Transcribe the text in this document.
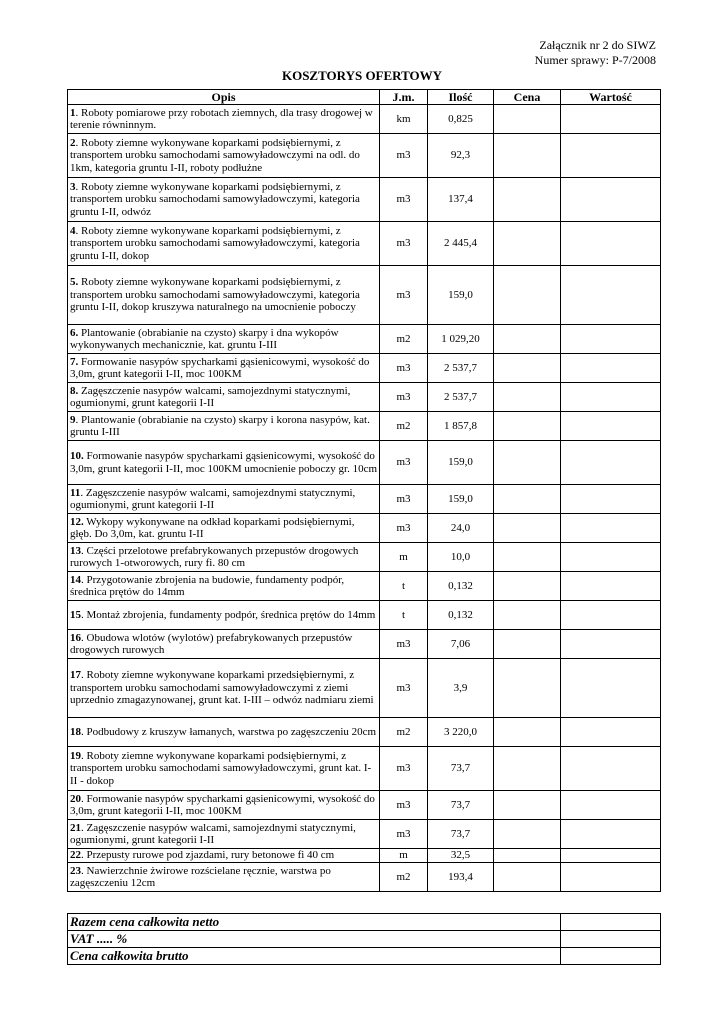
Załącznik nr 2 do SIWZ
Numer sprawy: P-7/2008
KOSZTORYS OFERTOWY
Opis	J.m.	Ilość	Cena	Wartość
1. Roboty pomiarowe przy robotach ziemnych, dla trasy drogowej w terenie równinnym.	km	0,825		
2. Roboty ziemne wykonywane koparkami podsiębiernymi, z transportem urobku samochodami samowyładowczymi na odl. do 1km, kategoria gruntu I-II, roboty podłużne	m3	92,3		
3. Roboty ziemne wykonywane koparkami podsiębiernymi, z transportem urobku samochodami samowyładowczymi, kategoria gruntu I-II, odwóz	m3	137,4		
4. Roboty ziemne wykonywane koparkami podsiębiernymi, z transportem urobku samochodami samowyładowczymi, kategoria gruntu I-II, dokop	m3	2 445,4		
5. Roboty ziemne wykonywane koparkami podsiębiernymi, z transportem urobku samochodami samowyładowczymi, kategoria gruntu I-II, dokop kruszywa naturalnego na umocnienie poboczy	m3	159,0		
6. Plantowanie (obrabianie na czysto) skarpy i dna wykopów wykonywanych mechanicznie, kat. gruntu I-III	m2	1 029,20		
7. Formowanie nasypów spycharkami gąsienicowymi, wysokość do 3,0m, grunt kategorii I-II, moc 100KM	m3	2 537,7		
8. Zagęszczenie nasypów walcami, samojezdnymi statycznymi, ogumionymi, grunt kategorii I-II	m3	2 537,7		
9. Plantowanie (obrabianie na czysto) skarpy i korona nasypów, kat. gruntu I-III	m2	1 857,8		
10. Formowanie nasypów spycharkami gąsienicowymi, wysokość do 3,0m, grunt kategorii I-II, moc 100KM umocnienie poboczy gr. 10cm	m3	159,0		
11. Zagęszczenie nasypów walcami, samojezdnymi statycznymi, ogumionymi, grunt kategorii I-II	m3	159,0		
12. Wykopy wykonywane na odkład koparkami podsiębiernymi, głęb. Do 3,0m, kat. gruntu I-II	m3	24,0		
13. Części przelotowe prefabrykowanych przepustów drogowych rurowych 1-otworowych, rury fi. 80 cm	m	10,0		
14. Przygotowanie zbrojenia na budowie, fundamenty podpór, średnica prętów do 14mm	t	0,132		
15. Montaż zbrojenia, fundamenty podpór, średnica prętów do 14mm	t	0,132		
16. Obudowa wlotów (wylotów) prefabrykowanych przepustów drogowych rurowych	m3	7,06		
17. Roboty ziemne wykonywane koparkami przedsiębiernymi, z transportem urobku samochodami samowyładowczymi z ziemi uprzednio zmagazynowanej, grunt kat. I-III – odwóz nadmiaru ziemi	m3	3,9		
18. Podbudowy z kruszyw łamanych, warstwa po zagęszczeniu 20cm	m2	3 220,0		
19. Roboty ziemne wykonywane koparkami podsiębiernymi, z transportem urobku samochodami samowyładowczymi, grunt kat. I-II - dokop	m3	73,7		
20. Formowanie nasypów spycharkami gąsienicowymi, wysokość do 3,0m, grunt kategorii I-II, moc 100KM	m3	73,7		
21. Zagęszczenie nasypów walcami, samojezdnymi statycznymi, ogumionymi, grunt kategorii I-II	m3	73,7		
22. Przepusty rurowe pod zjazdami, rury betonowe fi 40 cm	m	32,5		
23. Nawierzchnie żwirowe rozścielane ręcznie, warstwa po zagęszczeniu 12cm	m2	193,4		
Razem cena całkowita netto	
VAT ..... %	
Cena całkowita brutto	
